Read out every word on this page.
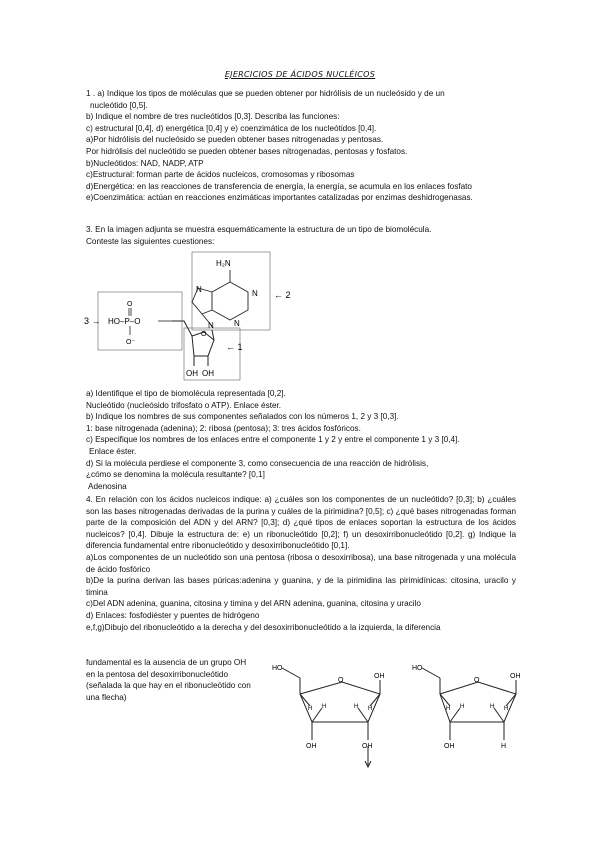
EJERCICIOS DE ÁCIDOS NUCLÉICOS
1 . a) Indique los tipos de moléculas que se pueden obtener por hidrólisis de un nucleósido y de un
nucleótido [0,5].
b) Indique el nombre de tres nucleótidos [0,3]. Describa las funciones:
c) estructural [0,4], d) energética [0,4] y e) coenzimática de los nucleótidos [0,4].
a)Por hidrólisis del nucleósido se pueden obtener bases nitrogenadas y pentosas.
Por hidrólisis del nucleótido se pueden obtener bases nitrogenadas, pentosas y fosfatos.
b)Nucleótidos: NAD, NADP, ATP
c)Estructural: forman parte de ácidos nucleicos, cromosomas y ribosomas
d)Energética: en las reacciones de transferencia de energía, la energía, se acumula en los enlaces fosfato
e)Coenzimática: actúan en reacciones enzimáticas importantes catalizadas por enzimas deshidrogenasas.
3. En la imagen adjunta se muestra esquemáticamente la estructura de un tipo de biomolécula.
Conteste las siguientes cuestiones:
H₂N
N	N
N
N
HO–P–O
O
O⁻
O
OH OH
← 2
← 1
3 →
a) Identifique el tipo de biomolécula representada [0,2].
Nucleótido (nucleósido trifosfato o ATP). Enlace éster.
b) Indique los nombres de sus componentes señalados con los números 1, 2 y 3 [0,3].
1: base nitrogenada (adenina); 2: ribosa (pentosa); 3: tres ácidos fosfóricos.
c) Especifique los nombres de los enlaces entre el componente 1 y 2 y entre el componente 1 y 3 [0,4].
Enlace éster.
d) Si la molécula perdiese el componente 3, como consecuencia de una reacción de hidrólisis,
¿cómo se denomina la molécula resultante? [0,1]
Adenosina
4. En relación con los ácidos nucleicos indique: a) ¿cuáles son los componentes de un nucleótido? [0,3]; b) ¿cuáles son las bases nitrogenadas derivadas de la purina y cuáles de la pirimidina? [0,5]; c) ¿qué bases nitrogenadas forman parte de la composición del ADN y del ARN? [0,3]; d) ¿qué tipos de enlaces soportan la estructura de los ácidos nucleicos? [0,4]. Dibuje la estructura de: e) un ribonucleótido [0,2]; f) un desoxirribonucleótido [0,2]. g) Indique la diferencia fundamental entre ribonucleótido y desoxirribonucleótido [0,1].
a)Los componentes de un nucleótido son una pentosa (ribosa o desoxirribosa), una base nitrogenada y una molécula de ácido fosfórico
b)De la purina derivan las bases púricas:adenina y guanina, y de la pirimidina las pirimidínicas: citosina, uracilo y timina
c)Del ADN adenina, guanina, citosina y timina y del ARN adenina, guanina, citosina y uracilo
d) Enlaces: fosfodiéster y puentes de hidrógeno
e,f,g)Dibujo del ribonucleótido a la derecha y del desoxirribonucleótido a la izquierda, la diferencia
fundamental es la ausencia de un grupo OH
en la pentosa del desoxirribonucleótido
(señalada la que hay en el ribonucleótido con
una flecha)
HO
O
OH
H H	H H
OH	OH
HO
O
OH
H H	H H
OH	H
